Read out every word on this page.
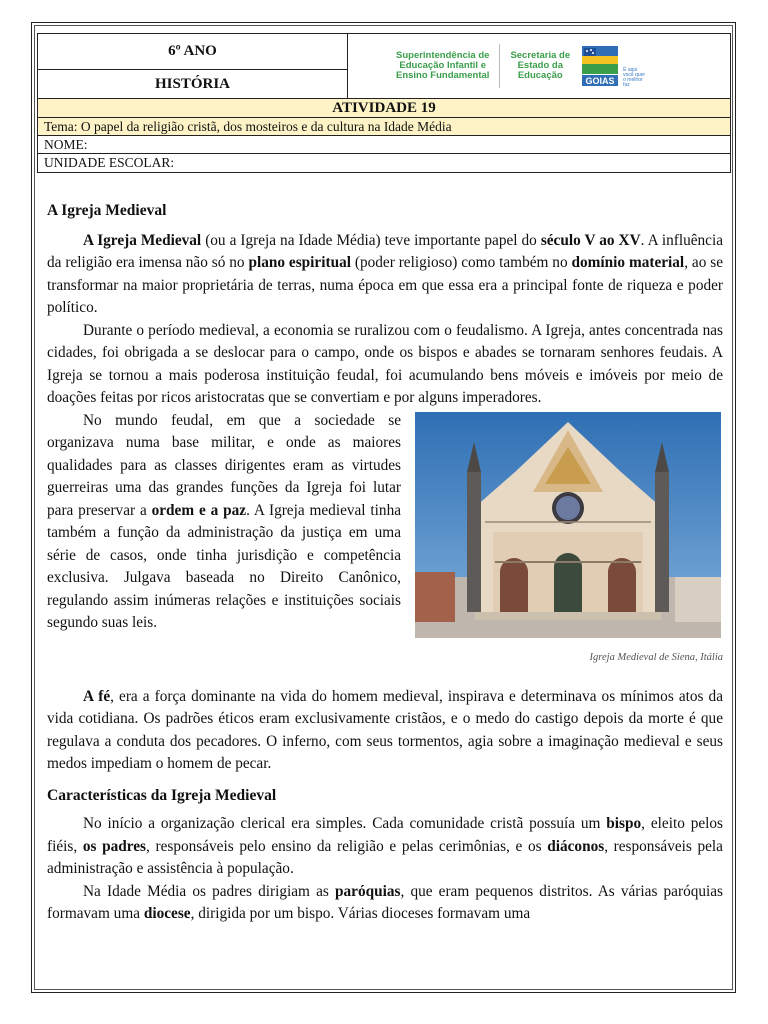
6º ANO
HISTÓRIA
Superintendência de
Educação Infantil e
Ensino Fundamental
Secretaria de
Estado da
Educação	GOIAS
É aqui você quer o melhor faz
ATIVIDADE 19
Tema: O papel da religião cristã, dos mosteiros e da cultura na Idade Média
NOME:
UNIDADE ESCOLAR:
A Igreja Medieval

A Igreja Medieval (ou a Igreja na Idade Média) teve importante papel do século V ao XV. A influência da religião era imensa não só no plano espiritual (poder religioso) como também no domínio material, ao se transformar na maior proprietária de terras, numa época em que essa era a principal fonte de riqueza e poder político.

Durante o período medieval, a economia se ruralizou com o feudalismo. A Igreja, antes concentrada nas cidades, foi obrigada a se deslocar para o campo, onde os bispos e abades se tornaram senhores feudais. A Igreja se tornou a mais poderosa instituição feudal, foi acumulando bens móveis e imóveis por meio de doações feitas por ricos aristocratas que se convertiam e por alguns imperadores.

Igreja Medieval de Siena, Itália

No mundo feudal, em que a sociedade se organizava numa base militar, e onde as maiores qualidades para as classes dirigentes eram as virtudes guerreiras uma das grandes funções da Igreja foi lutar para preservar a ordem e a paz. A Igreja medieval tinha também a função da administração da justiça em uma série de casos, onde tinha jurisdição e competência exclusiva. Julgava baseada no Direito Canônico, regulando assim inúmeras relações e instituições sociais segundo suas leis.

A fé, era a força dominante na vida do homem medieval, inspirava e determinava os mínimos atos da vida cotidiana. Os padrões éticos eram exclusivamente cristãos, e o medo do castigo depois da morte é que regulava a conduta dos pecadores. O inferno, com seus tormentos, agia sobre a imaginação medieval e seus medos impediam o homem de pecar.

Características da Igreja Medieval

No início a organização clerical era simples. Cada comunidade cristã possuía um bispo, eleito pelos fiéis, os padres, responsáveis pelo ensino da religião e pelas cerimônias, e os diáconos, responsáveis pela administração e assistência à população.

Na Idade Média os padres dirigiam as paróquias, que eram pequenos distritos. As várias paróquias formavam uma diocese, dirigida por um bispo. Várias dioceses formavam uma
